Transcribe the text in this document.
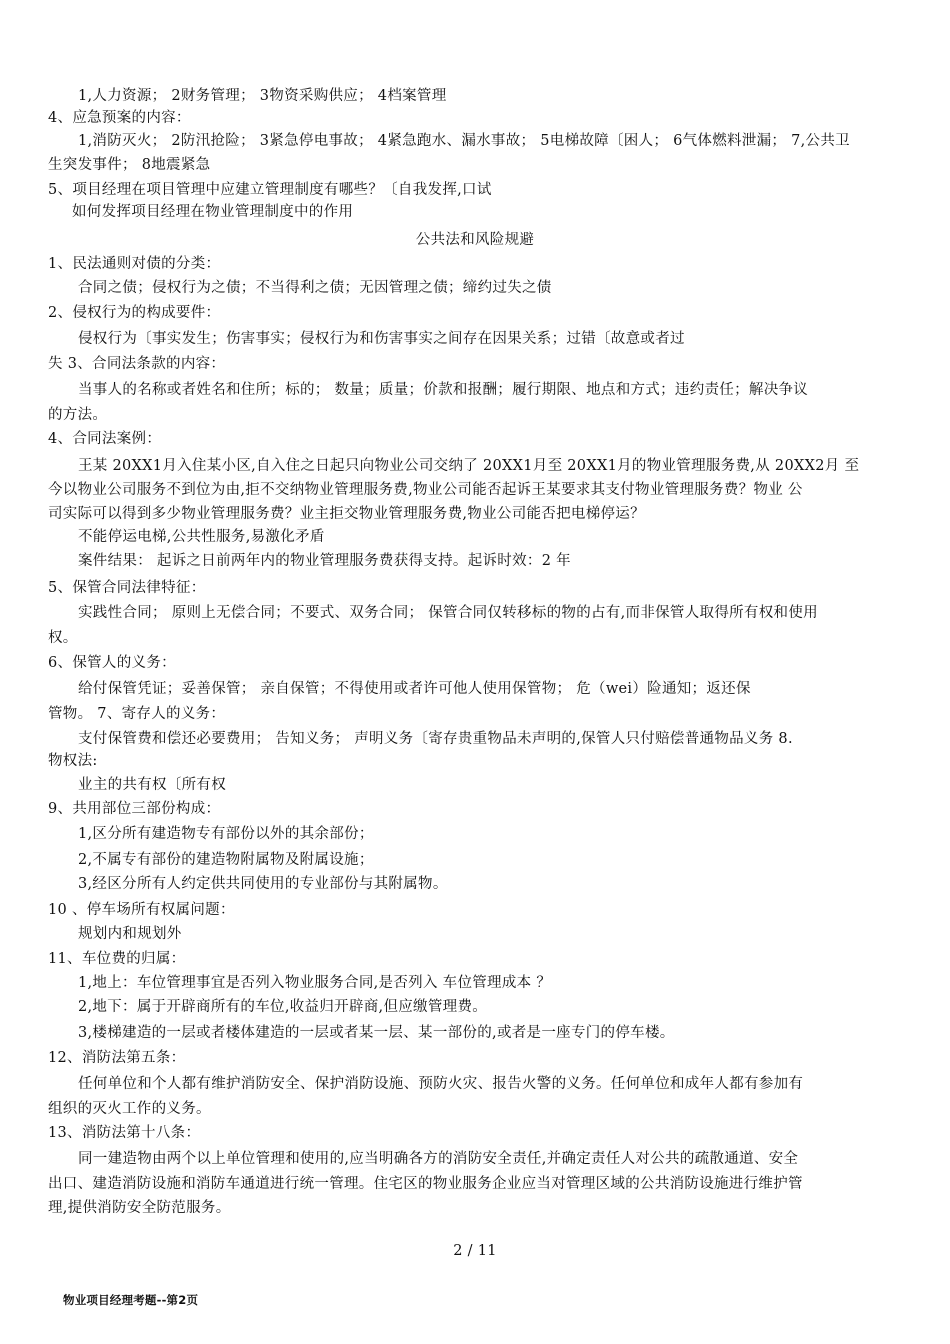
1,人力资源； 2财务管理； 3物资采购供应； 4档案管理
4、应急预案的内容：
1,消防灭火； 2防汛抢险； 3紧急停电事故； 4紧急跑水、漏水事故； 5电梯故障〔困人； 6气体燃料泄漏； 7,公共卫
生突发事件； 8地震紧急
5、项目经理在项目管理中应建立管理制度有哪些？〔自我发挥,口试
如何发挥项目经理在物业管理制度中的作用
公共法和风险规避
1、民法通则对债的分类：
合同之债；侵权行为之债；不当得利之债；无因管理之债；缔约过失之债
2、侵权行为的构成要件：
侵权行为〔事实发生；伤害事实；侵权行为和伤害事实之间存在因果关系；过错〔故意或者过
失 3、合同法条款的内容：
当事人的名称或者姓名和住所；标的； 数量；质量；价款和报酬；履行期限、地点和方式；违约责任；解决争议
的方法。
4、合同法案例：
王某 20XX1月入住某小区,自入住之日起只向物业公司交纳了 20XX1月至 20XX1月的物业管理服务费,从 20XX2月 至
今以物业公司服务不到位为由,拒不交纳物业管理服务费,物业公司能否起诉王某要求其支付物业管理服务费？物业 公
司实际可以得到多少物业管理服务费？业主拒交物业管理服务费,物业公司能否把电梯停运？
不能停运电梯,公共性服务,易激化矛盾
案件结果： 起诉之日前两年内的物业管理服务费获得支持。起诉时效：2 年
5、保管合同法律特征：
实践性合同； 原则上无偿合同；不要式、双务合同； 保管合同仅转移标的物的占有,而非保管人取得所有权和使用
权。
6、保管人的义务：
给付保管凭证；妥善保管； 亲自保管；不得使用或者许可他人使用保管物； 危（wei）险通知；返还保
管物。 7、寄存人的义务：
支付保管费和偿还必要费用； 告知义务； 声明义务〔寄存贵重物品未声明的,保管人只付赔偿普通物品义务 8.
物权法:
业主的共有权〔所有权
9、共用部位三部份构成：
1,区分所有建造物专有部份以外的其余部份；
2,不属专有部份的建造物附属物及附属设施；
3,经区分所有人约定供共同使用的专业部份与其附属物。
10 、停车场所有权属问题：
规划内和规划外
11、车位费的归属：
1,地上：车位管理事宜是否列入物业服务合同,是否列入 车位管理成本 ？
2,地下：属于开辟商所有的车位,收益归开辟商,但应缴管理费。
3,楼梯建造的一层或者楼体建造的一层或者某一层、某一部份的,或者是一座专门的停车楼。
12、消防法第五条：
任何单位和个人都有维护消防安全、保护消防设施、预防火灾、报告火警的义务。任何单位和成年人都有参加有
组织的灭火工作的义务。
13、消防法第十八条：
同一建造物由两个以上单位管理和使用的,应当明确各方的消防安全责任,并确定责任人对公共的疏散通道、安全
出口、建造消防设施和消防车通道进行统一管理。住宅区的物业服务企业应当对管理区域的公共消防设施进行维护管
理,提供消防安全防范服务。
2 / 11
物业项目经理考题--第2页
